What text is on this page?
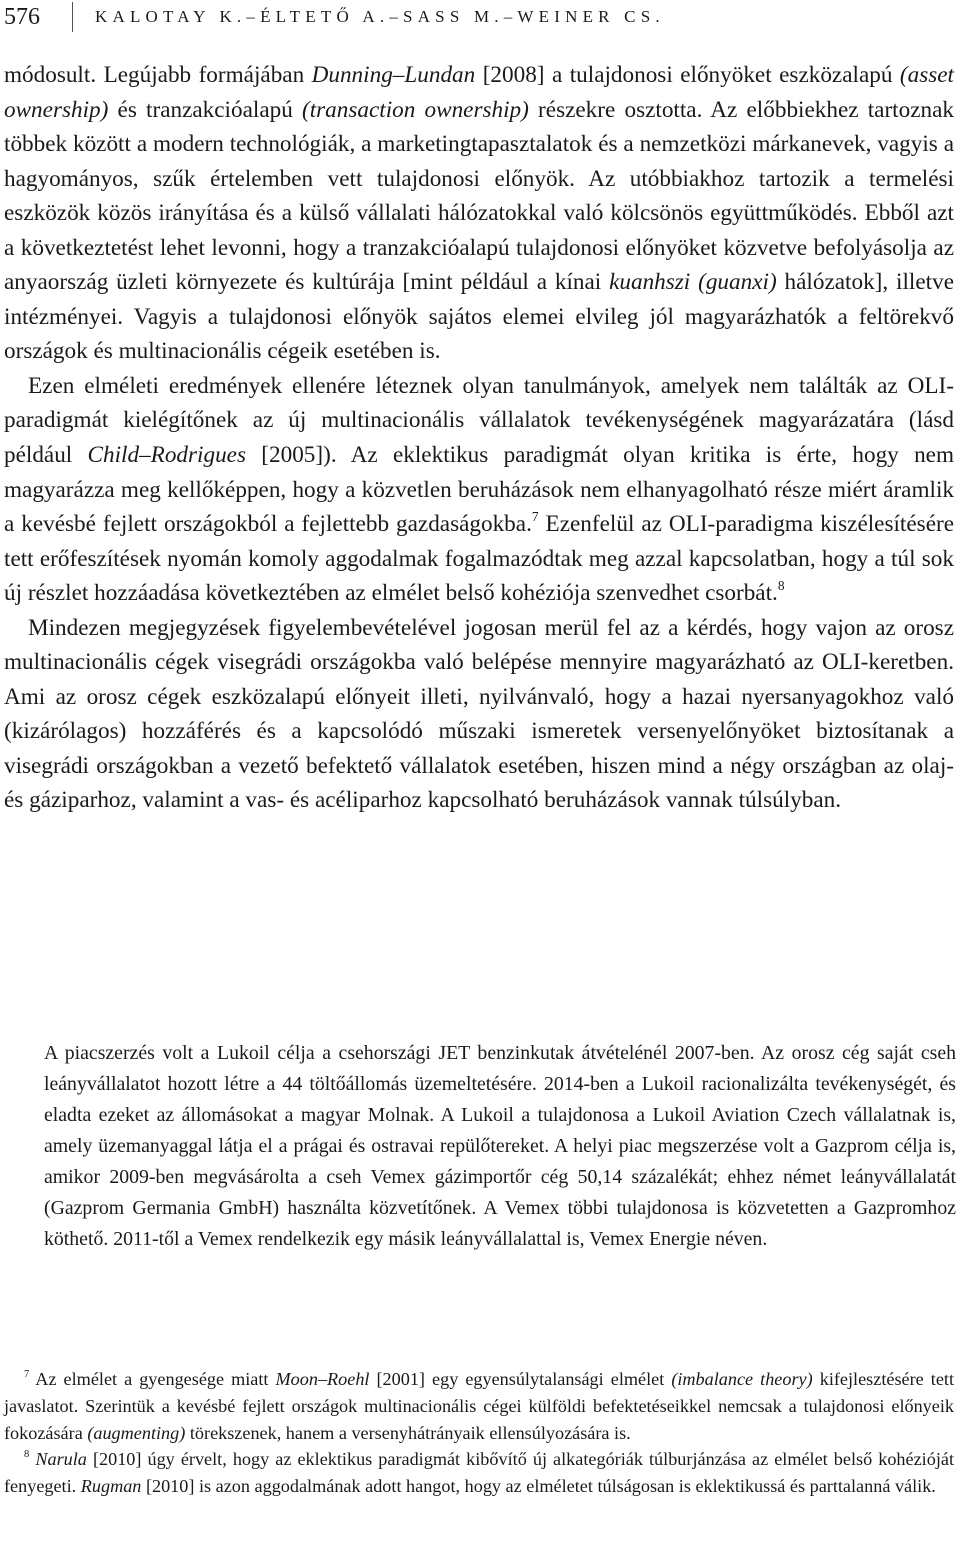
576	KALOTAY K.–ÉLTETŐ A.–SASS M.–WEINER CS.

módosult. Legújabb formájában Dunning–Lundan [2008] a tulajdonosi előnyöket eszközalapú (asset ownership) és tranzakcióalapú (transaction ownership) részekre osztotta. Az előbbiekhez tartoznak többek között a modern technológiák, a marketingtapasztalatok és a nemzetközi márkanevek, vagyis a hagyományos, szűk értelemben vett tulajdonosi előnyök. Az utóbbiakhoz tartozik a termelési eszközök közös irányítása és a külső vállalati hálózatokkal való kölcsönös együttműködés. Ebből azt a következtetést lehet levonni, hogy a tranzakcióalapú tulajdonosi előnyöket közvetve befolyásolja az anyaország üzleti környezete és kultúrája [mint például a kínai kuanhszi (guanxi) hálózatok], illetve intézményei. Vagyis a tulajdonosi előnyök sajátos elemei elvileg jól magyarázhatók a feltörekvő országok és multinacionális cégeik esetében is.

Ezen elméleti eredmények ellenére léteznek olyan tanulmányok, amelyek nem találták az OLI-paradigmát kielégítőnek az új multinacionális vállalatok tevékenységének magyarázatára (lásd például Child–Rodrigues [2005]). Az eklektikus paradigmát olyan kritika is érte, hogy nem magyarázza meg kellőképpen, hogy a közvetlen beruházások nem elhanyagolható része miért áramlik a kevésbé fejlett országokból a fejlettebb gazdaságokba.$^7$ Ezenfelül az OLI-paradigma kiszélesítésére tett erőfeszítések nyomán komoly aggodalmak fogalmazódtak meg azzal kapcsolatban, hogy a túl sok új részlet hozzáadása következtében az elmélet belső kohéziója szenvedhet csorbát.$^8$

Mindezen megjegyzések figyelembevételével jogosan merül fel az a kérdés, hogy vajon az orosz multinacionális cégek visegrádi országokba való belépése mennyire magyarázható az OLI-keretben. Ami az orosz cégek eszközalapú előnyeit illeti, nyilvánvaló, hogy a hazai nyersanyagokhoz való (kizárólagos) hozzáférés és a kapcsolódó műszaki ismeretek versenyelőnyöket biztosítanak a visegrádi országokban a vezető befektető vállalatok esetében, hiszen mind a négy országban az olaj- és gáziparhoz, valamint a vas- és acéliparhoz kapcsolható beruházások vannak túlsúlyban.

A piacszerzés volt a Lukoil célja a csehországi JET benzinkutak átvételénél 2007-ben. Az orosz cég saját cseh leányvállalatot hozott létre a 44 töltőállomás üzemeltetésére. 2014-ben a Lukoil racionalizálta tevékenységét, és eladta ezeket az állomásokat a magyar Molnak. A Lukoil a tulajdonosa a Lukoil Aviation Czech vállalatnak is, amely üzemanyaggal látja el a prágai és ostravai repülőtereket. A helyi piac megszerzése volt a Gazprom célja is, amikor 2009-ben megvásárolta a cseh Vemex gázimportőr cég 50,14 százalékát; ehhez német leányvállalatát (Gazprom Germania GmbH) használta közvetítőnek. A Vemex többi tulajdonosa is közvetetten a Gazpromhoz köthető. 2011-től a Vemex rendelkezik egy másik leányvállalattal is, Vemex Energie néven.

$^7$ Az elmélet a gyengesége miatt Moon–Roehl [2001] egy egyensúlytalansági elmélet (imbalance theory) kifejlesztésére tett javaslatot. Szerintük a kevésbé fejlett országok multinacionális cégei külföldi befektetéseikkel nemcsak a tulajdonosi előnyeik fokozására (augmenting) törekszenek, hanem a versenyhátrányaik ellensúlyozására is.

$^8$ Narula [2010] úgy érvelt, hogy az eklektikus paradigmát kibővítő új alkategóriák túlburjánzása az elmélet belső kohézióját fenyegeti. Rugman [2010] is azon aggodalmának adott hangot, hogy az elméletet túlságosan is eklektikussá és parttalanná válik.
